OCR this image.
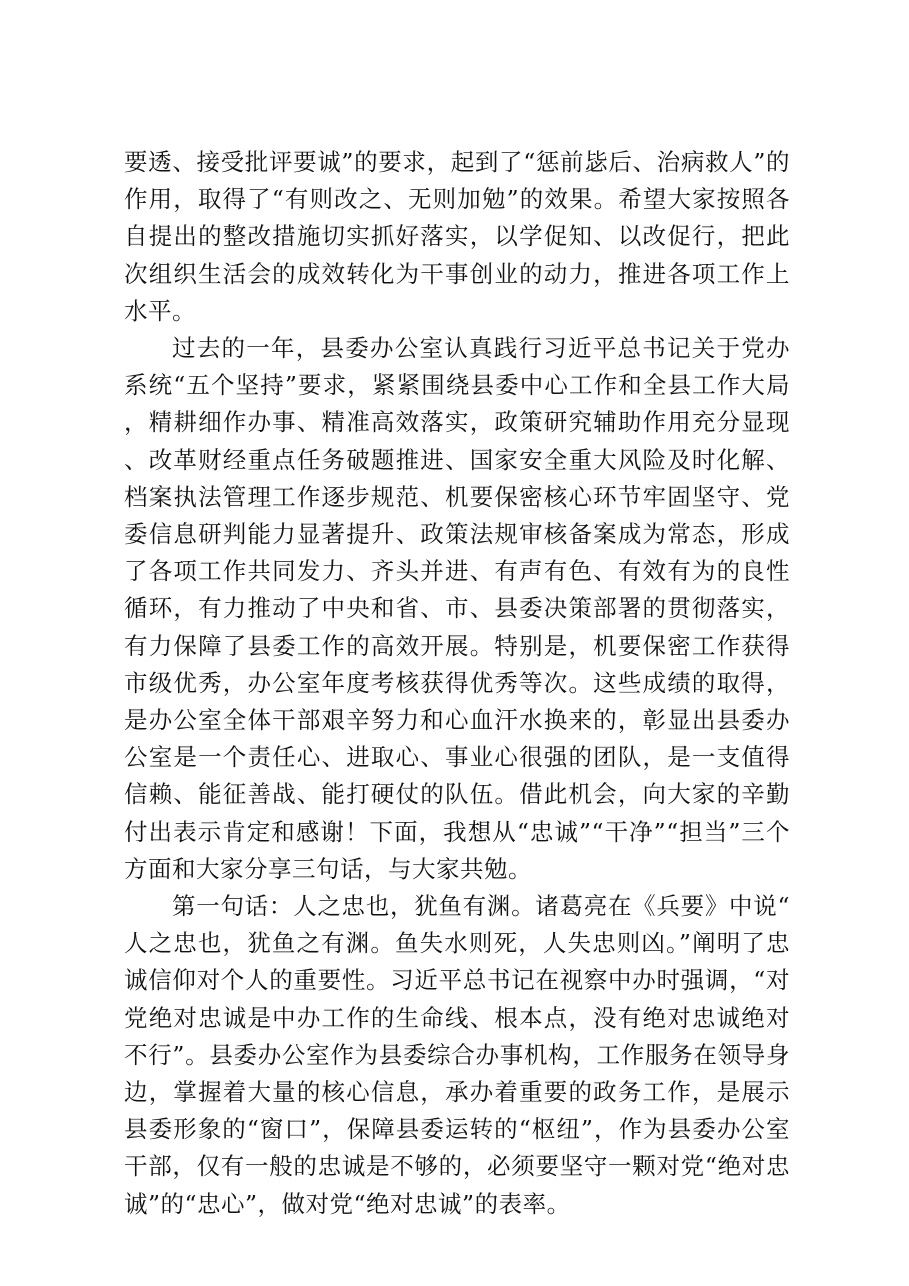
要透、接受批评要诚”的要求，起到了“惩前毖后、治病救人”的作用，取得了“有则改之、无则加勉”的效果。希望大家按照各自提出的整改措施切实抓好落实，以学促知、以改促行，把此次组织生活会的成效转化为干事创业的动力，推进各项工作上水平。

过去的一年，县委办公室认真践行习近平总书记关于党办系统“五个坚持”要求，紧紧围绕县委中心工作和全县工作大局，精耕细作办事、精准高效落实，政策研究辅助作用充分显现、改革财经重点任务破题推进、国家安全重大风险及时化解、档案执法管理工作逐步规范、机要保密核心环节牢固坚守、党委信息研判能力显著提升、政策法规审核备案成为常态，形成了各项工作共同发力、齐头并进、有声有色、有效有为的良性循环，有力推动了中央和省、市、县委决策部署的贯彻落实，有力保障了县委工作的高效开展。特别是，机要保密工作获得市级优秀，办公室年度考核获得优秀等次。这些成绩的取得，是办公室全体干部艰辛努力和心血汗水换来的，彰显出县委办公室是一个责任心、进取心、事业心很强的团队，是一支值得信赖、能征善战、能打硬仗的队伍。借此机会，向大家的辛勤付出表示肯定和感谢！下面，我想从“忠诚”“干净”“担当”三个方面和大家分享三句话，与大家共勉。

第一句话：人之忠也，犹鱼有渊。诸葛亮在《兵要》中说“人之忠也，犹鱼之有渊。鱼失水则死，人失忠则凶。”阐明了忠诚信仰对个人的重要性。习近平总书记在视察中办时强调，“对党绝对忠诚是中办工作的生命线、根本点，没有绝对忠诚绝对不行”。县委办公室作为县委综合办事机构，工作服务在领导身边，掌握着大量的核心信息，承办着重要的政务工作，是展示县委形象的“窗口”，保障县委运转的“枢纽”，作为县委办公室干部，仅有一般的忠诚是不够的，必须要坚守一颗对党“绝对忠诚”的“忠心”，做对党“绝对忠诚”的表率。
